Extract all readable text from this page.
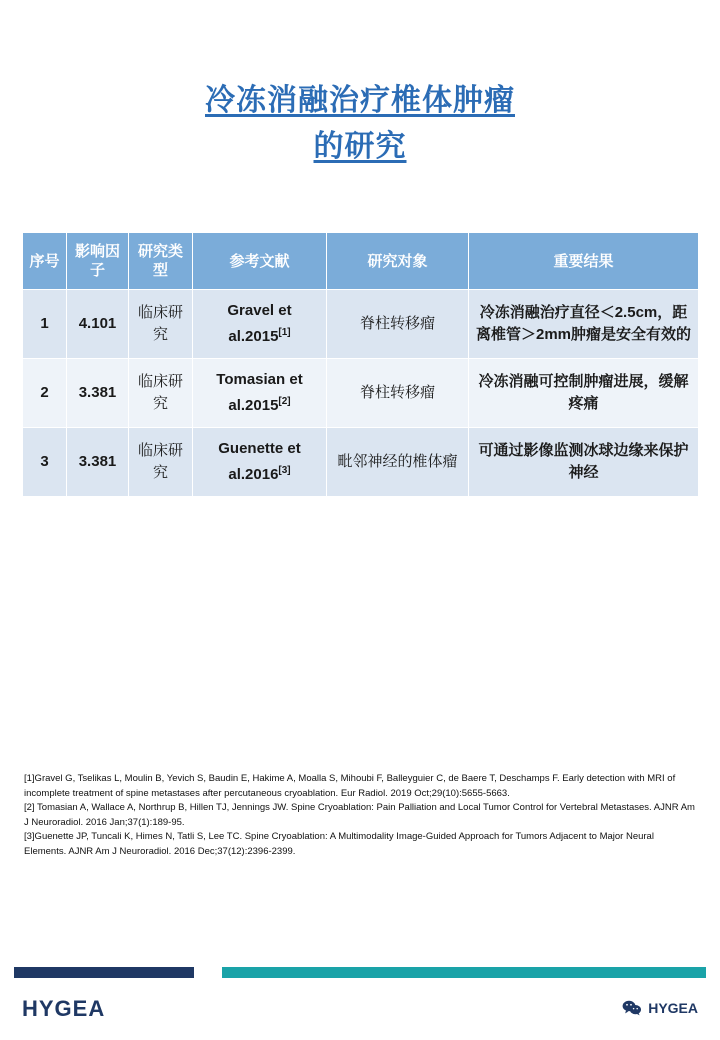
冷冻消融治疗椎体肿瘤
的研究
序号	影响因子	研究类型	参考文献	研究对象	重要结果
1	4.101	临床研究	Gravel et al.2015[1]	脊柱转移瘤	冷冻消融治疗直径＜2.5cm，距离椎管＞2mm肿瘤是安全有效的
2	3.381	临床研究	Tomasian et al.2015[2]	脊柱转移瘤	冷冻消融可控制肿瘤进展，缓解疼痛
3	3.381	临床研究	Guenette et al.2016[3]	毗邻神经的椎体瘤	可通过影像监测冰球边缘来保护神经
[1]Gravel G, Tselikas L, Moulin B, Yevich S, Baudin E, Hakime A, Moalla S, Mihoubi F, Balleyguier C, de Baere T, Deschamps F. Early detection with MRI of incomplete treatment of spine metastases after percutaneous cryoablation. Eur Radiol. 2019 Oct;29(10):5655-5663.
[2] Tomasian A, Wallace A, Northrup B, Hillen TJ, Jennings JW. Spine Cryoablation: Pain Palliation and Local Tumor Control for Vertebral Metastases. AJNR Am J Neuroradiol. 2016 Jan;37(1):189-95.
[3]Guenette JP, Tuncali K, Himes N, Tatli S, Lee TC. Spine Cryoablation: A Multimodality Image-Guided Approach for Tumors Adjacent to Major Neural Elements. AJNR Am J Neuroradiol. 2016 Dec;37(12):2396-2399.
HYGEA	HYGEA
